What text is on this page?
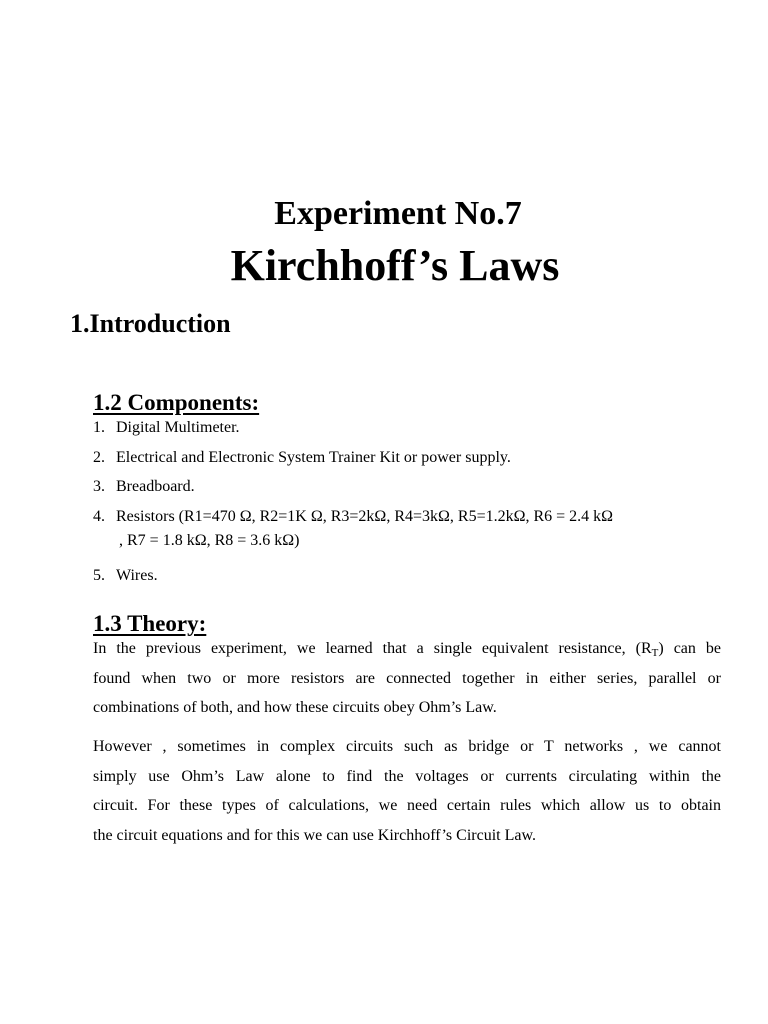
Experiment No.7
Kirchhoff’s Laws
1.Introduction
1.2 Components:
1. Digital Multimeter.
2. Electrical and Electronic System Trainer Kit or power supply.
3. Breadboard.
4. Resistors (R1=470 Ω, R2=1K Ω, R3=2kΩ, R4=3kΩ, R5=1.2kΩ, R6 = 2.4 kΩ
, R7 = 1.8 kΩ, R8 = 3.6 kΩ)
5. Wires.
1.3 Theory:

In the previous experiment, we learned that a single equivalent resistance, $(R_T)$ can be
found when two or more resistors are connected together in either series, parallel or
combinations of both, and how these circuits obey Ohm’s Law.

However , sometimes in complex circuits such as bridge or T networks , we cannot
simply use Ohm’s Law alone to find the voltages or currents circulating within the
circuit. For these types of calculations, we need certain rules which allow us to obtain
the circuit equations and for this we can use Kirchhoff’s Circuit Law.
